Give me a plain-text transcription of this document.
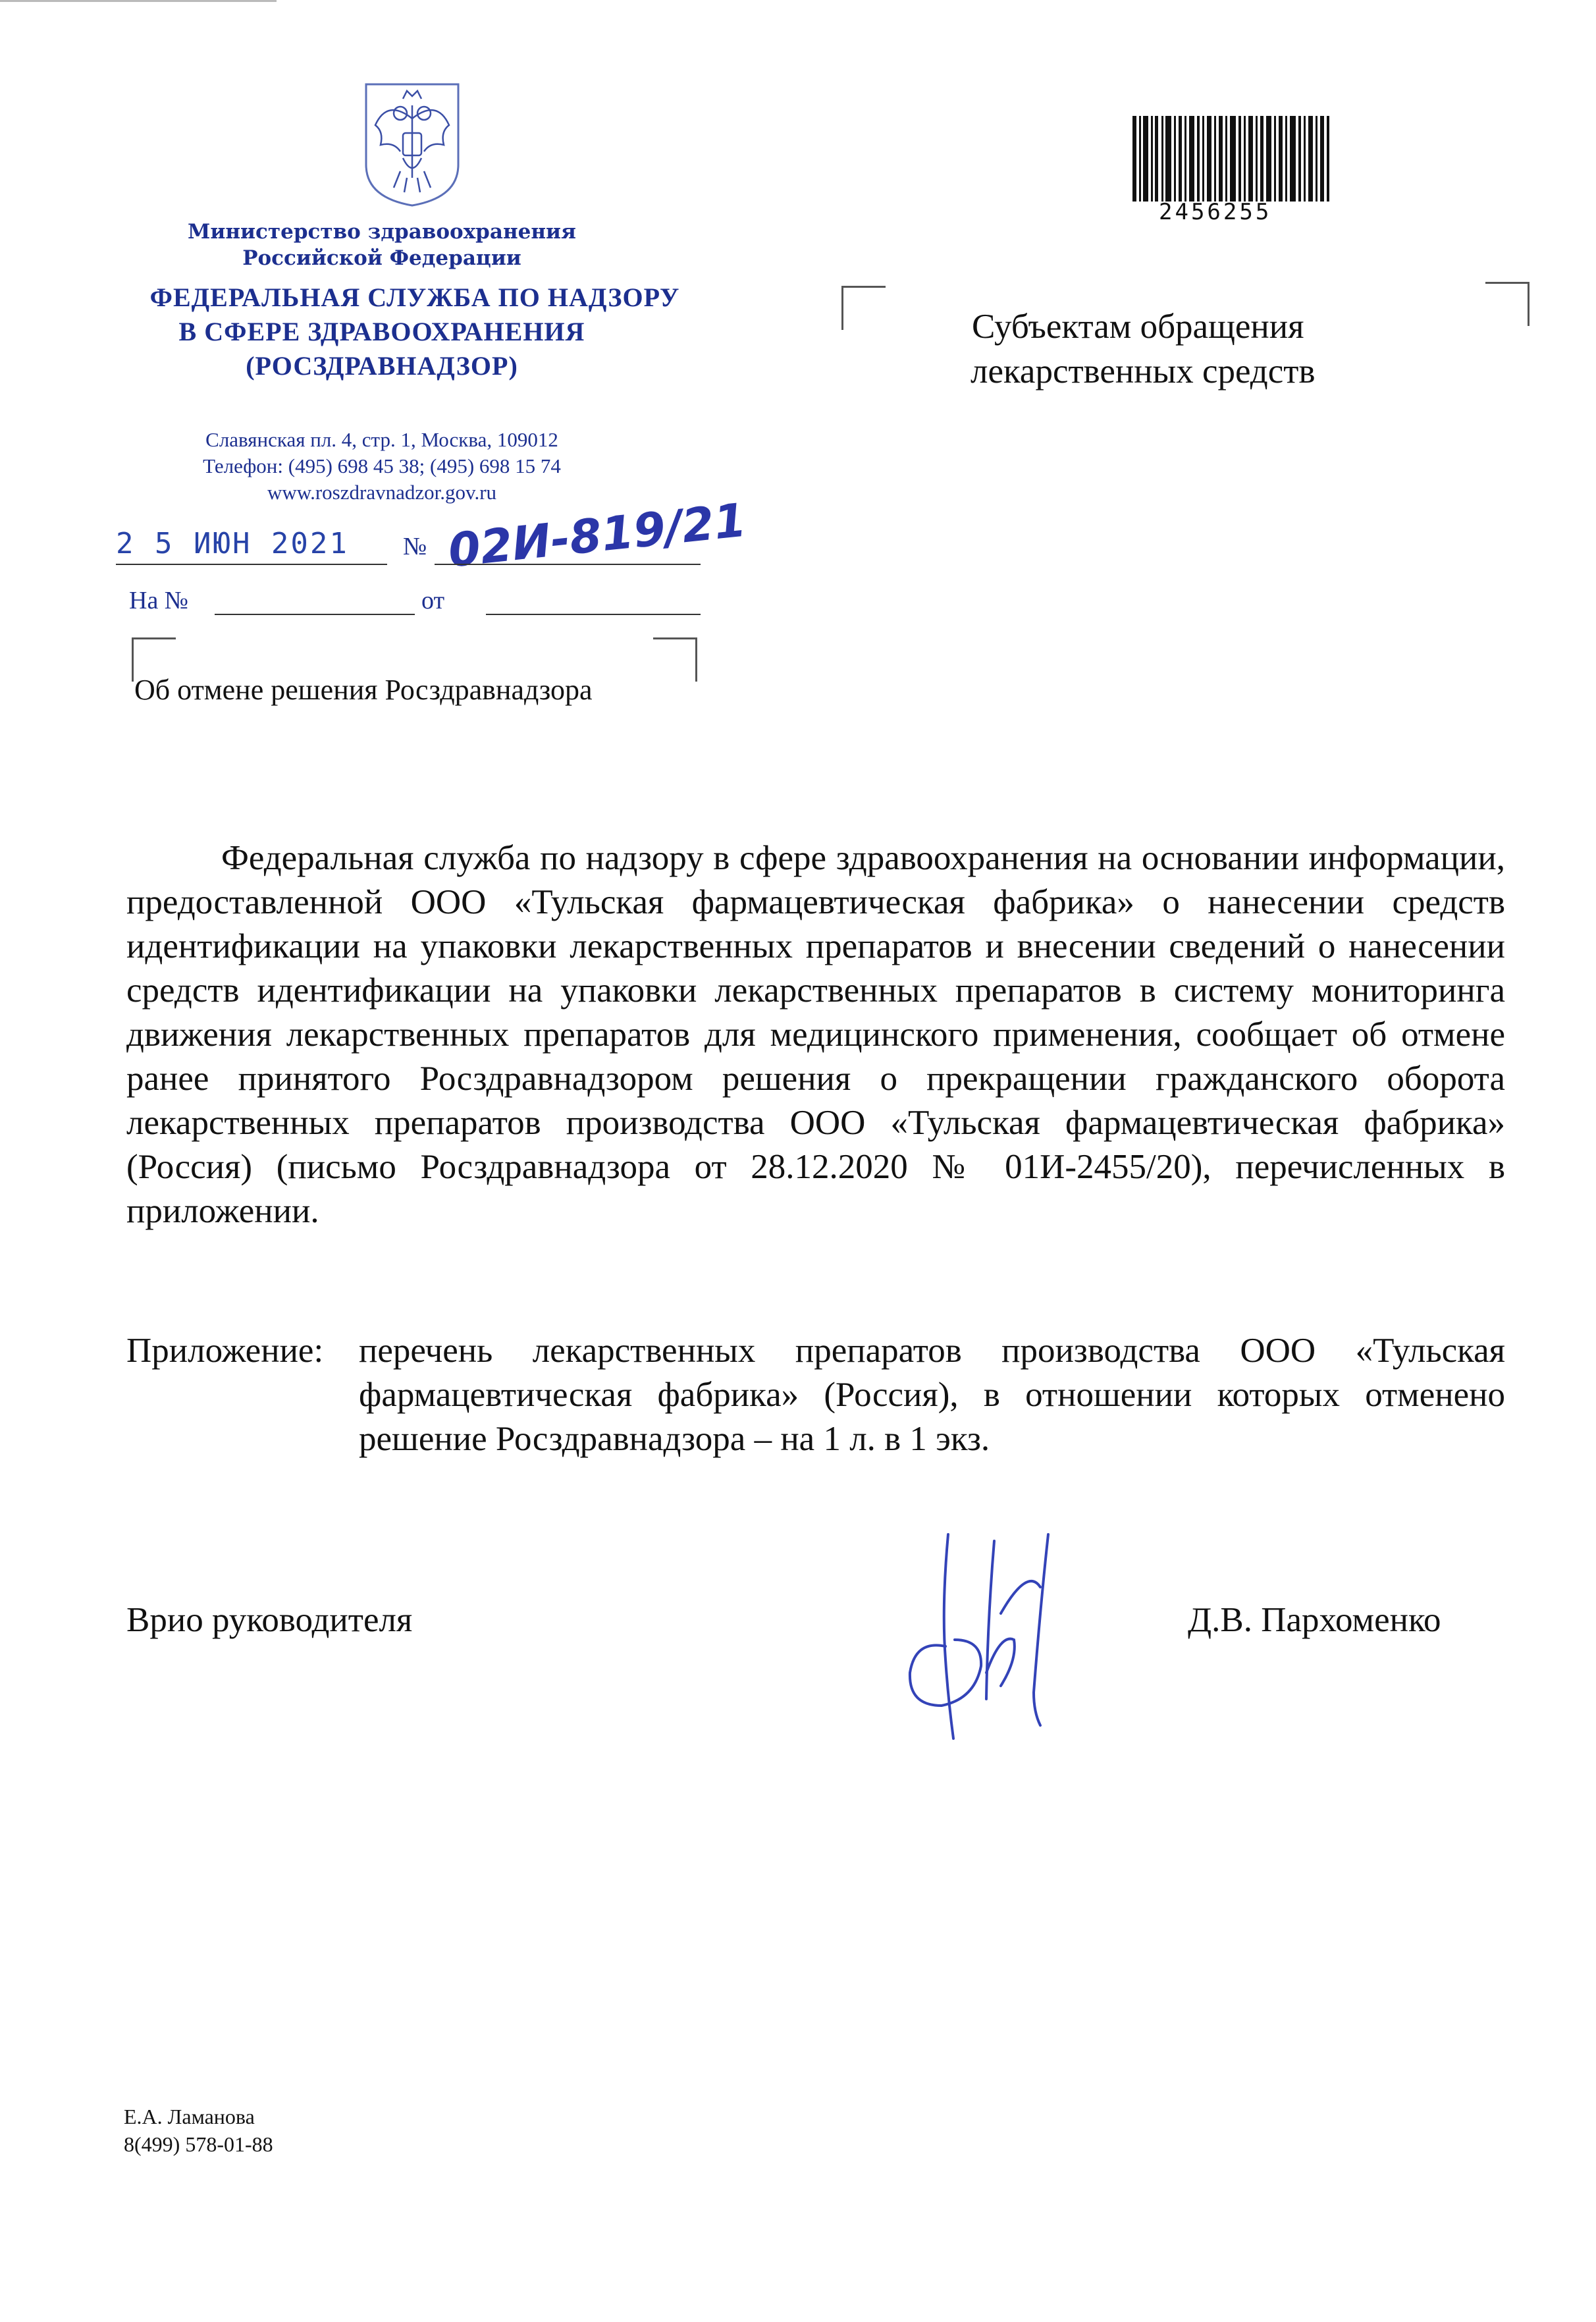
Министерство здравоохранения
Российской Федерации
ФЕДЕРАЛЬНАЯ СЛУЖБА ПО НАДЗОРУ
В СФЕРЕ ЗДРАВООХРАНЕНИЯ
(РОСЗДРАВНАДЗОР)
Славянская пл. 4, стр. 1, Москва, 109012
Телефон: (495) 698 45 38; (495) 698 15 74
www.roszdravnadzor.gov.ru
2 5 ИЮН 2021 № 02И-819/21
На №	от
Об отмене решения Росздравнадзора
2456255
Субъектам обращения
лекарственных средств

Федеральная служба по надзору в сфере здравоохранения на основании информации, предоставленной ООО «Тульская фармацевтическая фабрика» о нанесении средств идентификации на упаковки лекарственных препаратов и внесении сведений о нанесении средств идентификации на упаковки лекарственных препаратов в систему мониторинга движения лекарственных препаратов для медицинского применения, сообщает об отмене ранее принятого Росздравнадзором решения о прекращении гражданского оборота лекарственных препаратов производства ООО «Тульская фармацевтическая фабрика» (Россия) (письмо Росздравнадзора от 28.12.2020 № 01И-2455/20), перечисленных в приложении.

Приложение: перечень лекарственных препаратов производства ООО «Тульская фармацевтическая фабрика» (Россия), в отношении которых отменено решение Росздравнадзора – на 1 л. в 1 экз.
Врио руководителя	Д.В. Пархоменко
Е.А. Ламанова
8(499) 578-01-88
